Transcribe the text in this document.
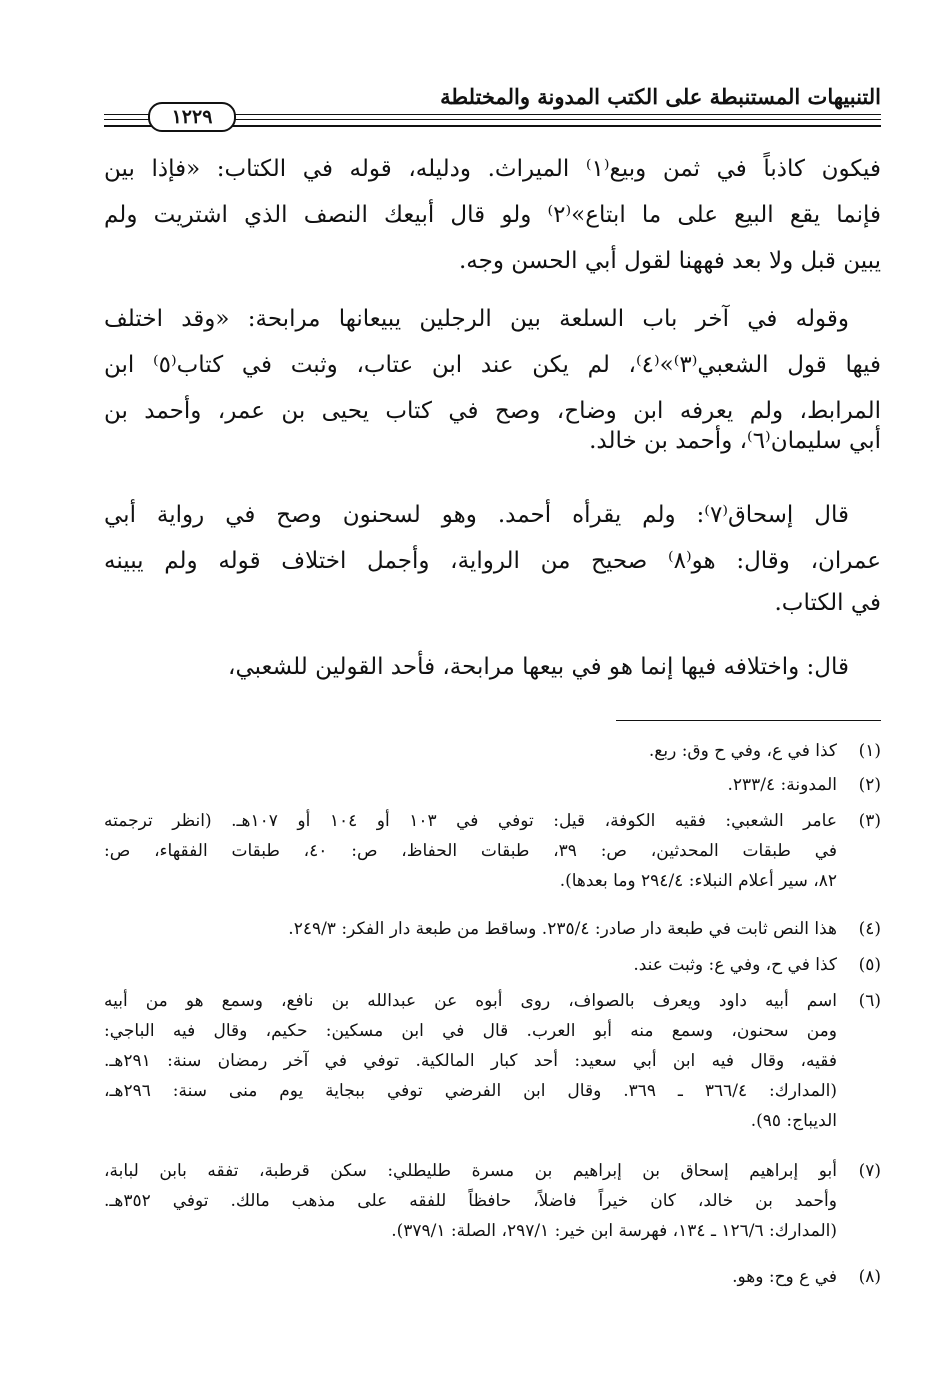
التنبيهات المستنبطة على الكتب المدونة والمختلطة
١٢٢٩
فيكون كاذباً في ثمن وبيع⁽١⁾ الميراث. ودليله، قوله في الكتاب: «فإذا بين
فإنما يقع البيع على ما ابتاع»⁽٢⁾ ولو قال أبيعك النصف الذي اشتريت ولم
يبين قبل ولا بعد فههنا لقول أبي الحسن وجه.
وقوله في آخر باب السلعة بين الرجلين يبيعانها مرابحة: «وقد اختلف
فيها قول الشعبي⁽٣⁾»⁽٤⁾، لم يكن عند ابن عتاب، وثبت في كتاب⁽٥⁾ ابن
المرابط، ولم يعرفه ابن وضاح، وصح في كتاب يحيى بن عمر، وأحمد بن
أبي سليمان⁽٦⁾، وأحمد بن خالد.
قال إسحاق⁽٧⁾: ولم يقرأه أحمد. وهو لسحنون وصح في رواية أبي
عمران، وقال: هو⁽٨⁾ صحيح من الرواية، وأجمل اختلاف قوله ولم يبينه
في الكتاب.
قال: واختلافه فيها إنما هو في بيعها مرابحة، فأحد القولين للشعبي،
(١)
كذا في ع، وفي ح وق: ربع.
(٢)
المدونة: ٢٣٣/٤.
(٣)
عامر الشعبي: فقيه الكوفة، قيل: توفي في ١٠٣ أو ١٠٤ أو ١٠٧هـ. (انظر ترجمته
في طبقات المحدثين، ص: ٣٩، طبقات الحفاظ، ص: ٤٠، طبقات الفقهاء، ص:
٨٢، سير أعلام النبلاء: ٢٩٤/٤ وما بعدها).
(٤)
هذا النص ثابت في طبعة دار صادر: ٢٣٥/٤. وساقط من طبعة دار الفكر: ٢٤٩/٣.
(٥)
كذا في ح، وفي ع: وثبت عند.
(٦)
اسم أبيه داود ويعرف بالصواف، روى أبوه عن عبدالله بن نافع، وسمع هو من أبيه
ومن سحنون، وسمع منه أبو العرب. قال في ابن مسكين: حكيم، وقال فيه الباجي:
فقيه، وقال فيه ابن أبي سعيد: أحد كبار المالكية. توفي في آخر رمضان سنة: ٢٩١هـ.
(المدارك: ٣٦٦/٤ ـ ٣٦٩. وقال ابن الفرضي توفي ببجاية يوم منى سنة: ٢٩٦هـ،
الديباج: ٩٥).
(٧)
أبو إبراهيم إسحاق بن إبراهيم بن مسرة طليطلي: سكن قرطبة، تفقه بابن لبابة،
وأحمد بن خالد، كان خيراً فاضلاً، حافظاً للفقه على مذهب مالك. توفي ٣٥٢هـ.
(المدارك: ١٢٦/٦ ـ ١٣٤، فهرسة ابن خير: ٢٩٧/١، الصلة: ٣٧٩/١).
(٨)
في ع وح: وهو.
